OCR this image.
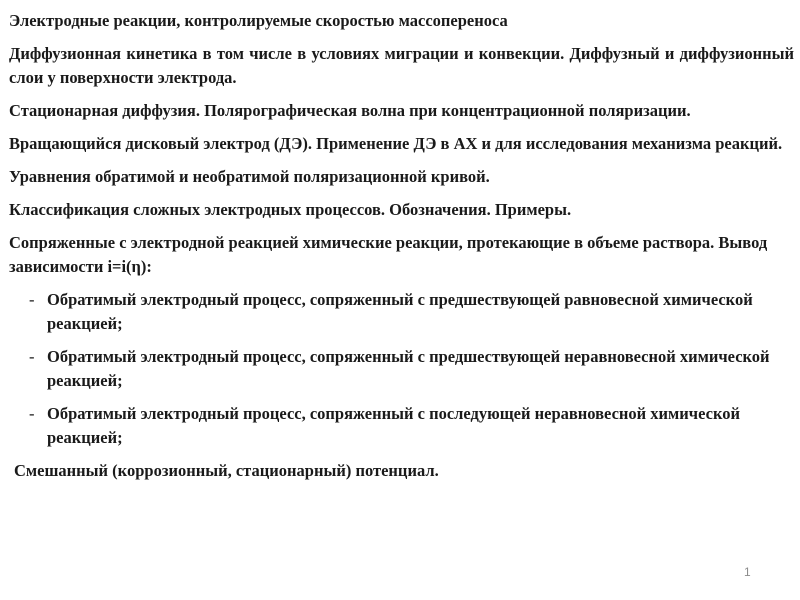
Электродные реакции, контролируемые скоростью массопереноса

Диффузионная кинетика в том числе в условиях миграции и конвекции. Диффузный и диффузионный слои у поверхности электрода.

Стационарная диффузия. Полярографическая волна при концентрационной поляризации.

Вращающийся дисковый электрод (ДЭ). Применение ДЭ в АХ и для исследования механизма реакций.

Уравнения обратимой и необратимой поляризационной кривой.

Классификация сложных электродных процессов. Обозначения. Примеры.

Сопряженные с электродной реакцией химические реакции, протекающие в объеме раствора. Вывод зависимости i=i(η):

- Обратимый электродный процесс, сопряженный с предшествующей равновесной химической реакцией;
- Обратимый электродный процесс, сопряженный с предшествующей неравновесной химической реакцией;
- Обратимый электродный процесс, сопряженный с последующей неравновесной химической реакцией;

Смешанный (коррозионный, стационарный) потенциал.

1
